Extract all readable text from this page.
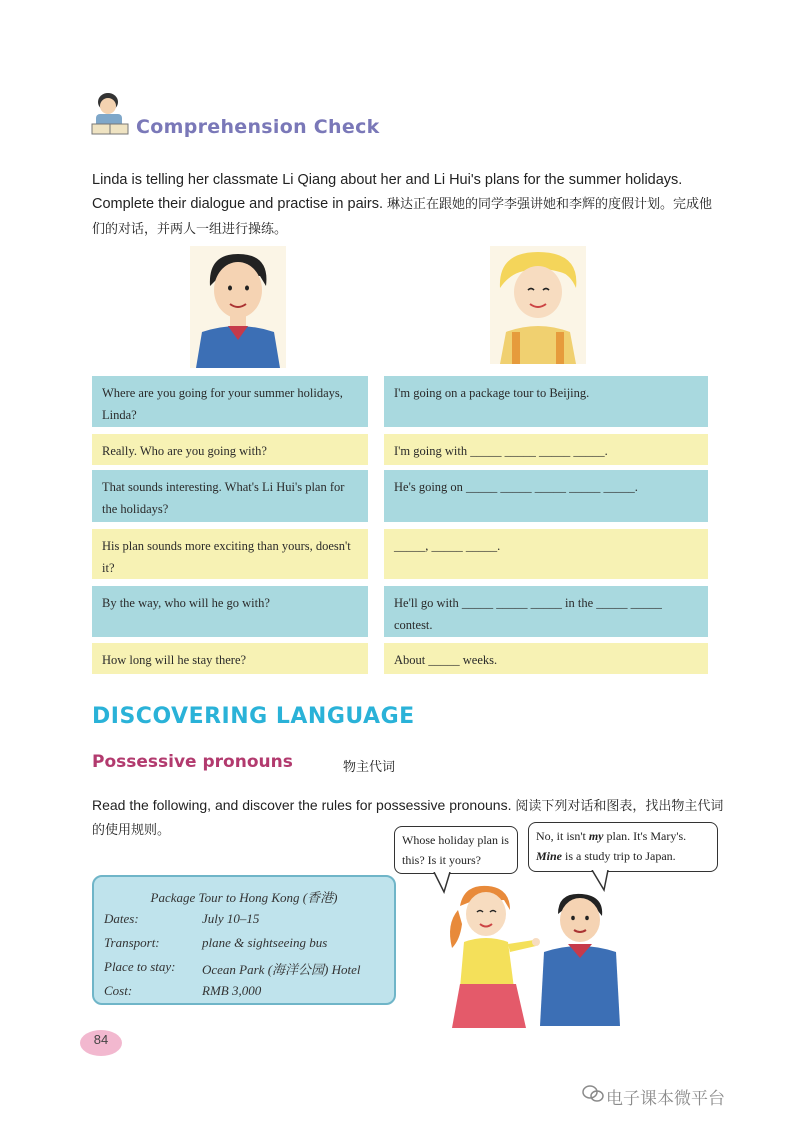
Comprehension Check
Linda is telling her classmate Li Qiang about her and Li Hui's plans for the summer holidays. Complete their dialogue and practise in pairs. 琳达正在跟她的同学李强讲她和李辉的度假计划。完成他们的对话，并两人一组进行操练。
Where are you going for your summer holidays, Linda?
I'm going on a package tour to Beijing.
Really. Who are you going with?	I'm going with _____ _____ _____ _____.
That sounds interesting. What's Li Hui's plan for the holidays?
He's going on _____ _____ _____ _____ _____.
His plan sounds more exciting than yours, doesn't it?
_____, _____ _____.
By the way, who will he go with?	He'll go with _____ _____ _____ in the _____ _____ contest.
How long will he stay there?	About _____ weeks.
DISCOVERING LANGUAGE
Possessive pronouns	物主代词
Read the following, and discover the rules for possessive pronouns. 阅读下列对话和图表，找出物主代词的使用规则。
Whose holiday plan is this? Is it yours?
No, it isn't my plan. It's Mary's. Mine is a study trip to Japan.
Package Tour to Hong Kong (香港)
Dates:	July 10–15
Transport:	plane & sightseeing bus
Place to stay:	Ocean Park (海洋公园) Hotel
Cost:	RMB 3,000
84
电子课本微平台
